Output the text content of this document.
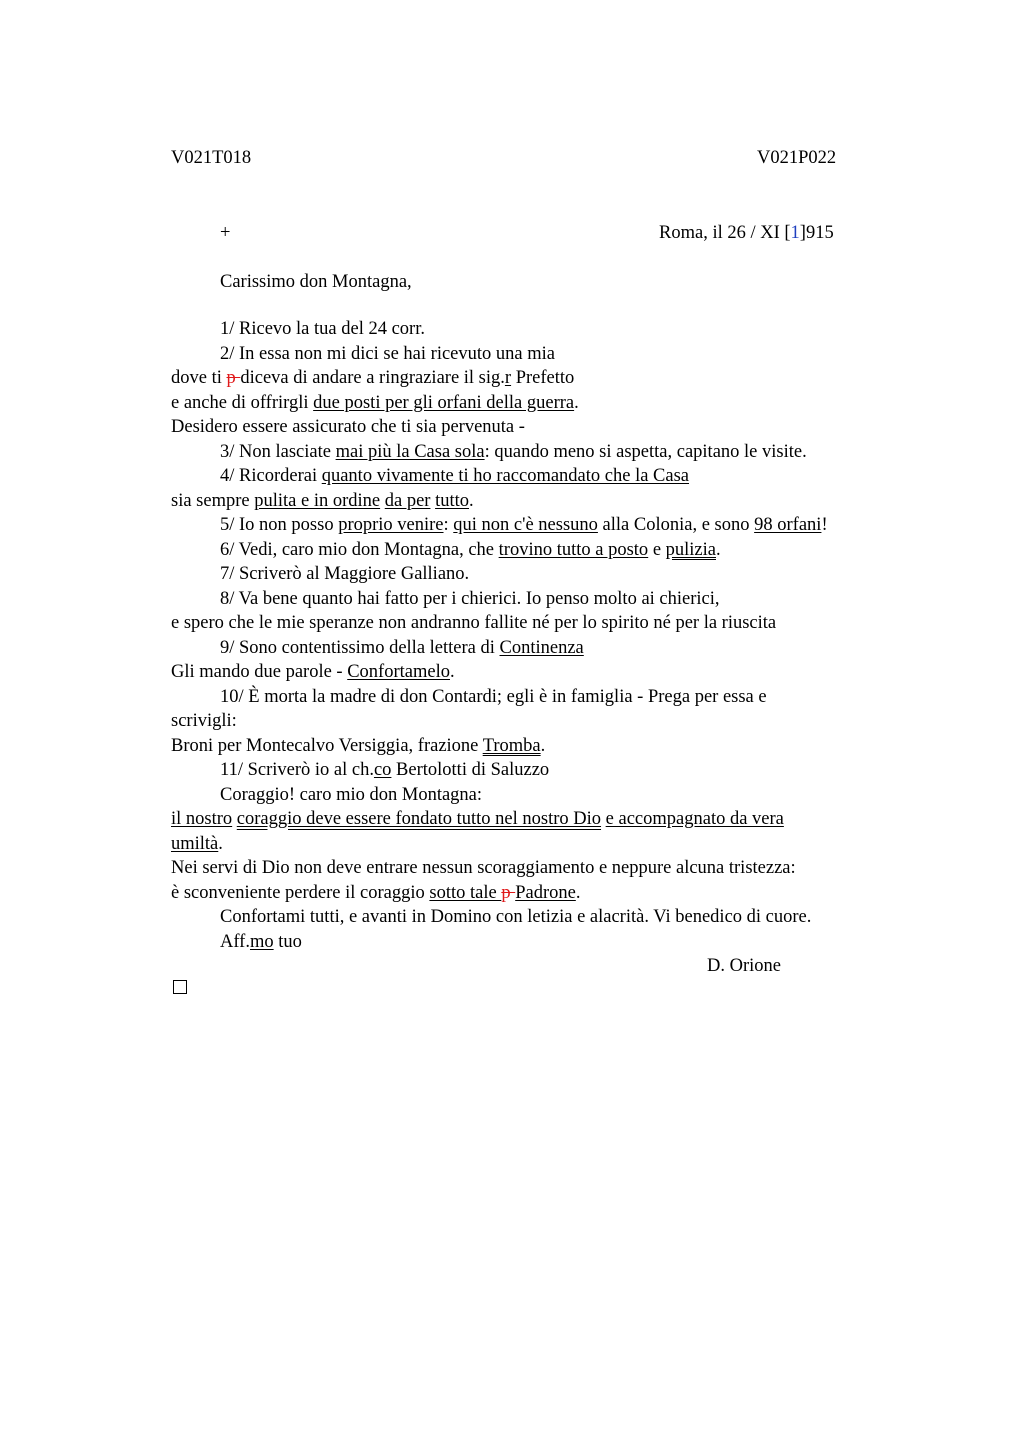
V021T018	V021P022
+	Roma, il 26 / XI [1]915
Carissimo don Montagna,
1/ Ricevo la tua del 24 corr.
2/ In essa non mi dici se hai ricevuto una mia
dove ti p diceva di andare a ringraziare il sig.r Prefetto
e anche di offrirgli due posti per gli orfani della guerra.
Desidero essere assicurato che ti sia pervenuta -
3/ Non lasciate mai più la Casa sola: quando meno si aspetta, capitano le visite.
4/ Ricorderai quanto vivamente ti ho raccomandato che la Casa
sia sempre pulita e in ordine da per tutto.
5/ Io non posso proprio venire: qui non c'è nessuno alla Colonia, e sono 98 orfani!
6/ Vedi, caro mio don Montagna, che trovino tutto a posto e pulizia.
7/ Scriverò al Maggiore Galliano.
8/ Va bene quanto hai fatto per i chierici. Io penso molto ai chierici,
e spero che le mie speranze non andranno fallite né per lo spirito né per la riuscita
9/ Sono contentissimo della lettera di Continenza
Gli mando due parole - Confortamelo.
10/ È morta la madre di don Contardi; egli è in famiglia - Prega per essa e
scrivigli:
Broni per Montecalvo Versiggia, frazione Tromba.
11/ Scriverò io al ch.co Bertolotti di Saluzzo
Coraggio! caro mio don Montagna:
il nostro coraggio deve essere fondato tutto nel nostro Dio e accompagnato da vera
umiltà.
Nei servi di Dio non deve entrare nessun scoraggiamento e neppure alcuna tristezza:
è sconveniente perdere il coraggio sotto tale p Padrone.
Confortami tutti, e avanti in Domino con letizia e alacrità. Vi benedico di cuore.
Aff.mo tuo
D. Orione
